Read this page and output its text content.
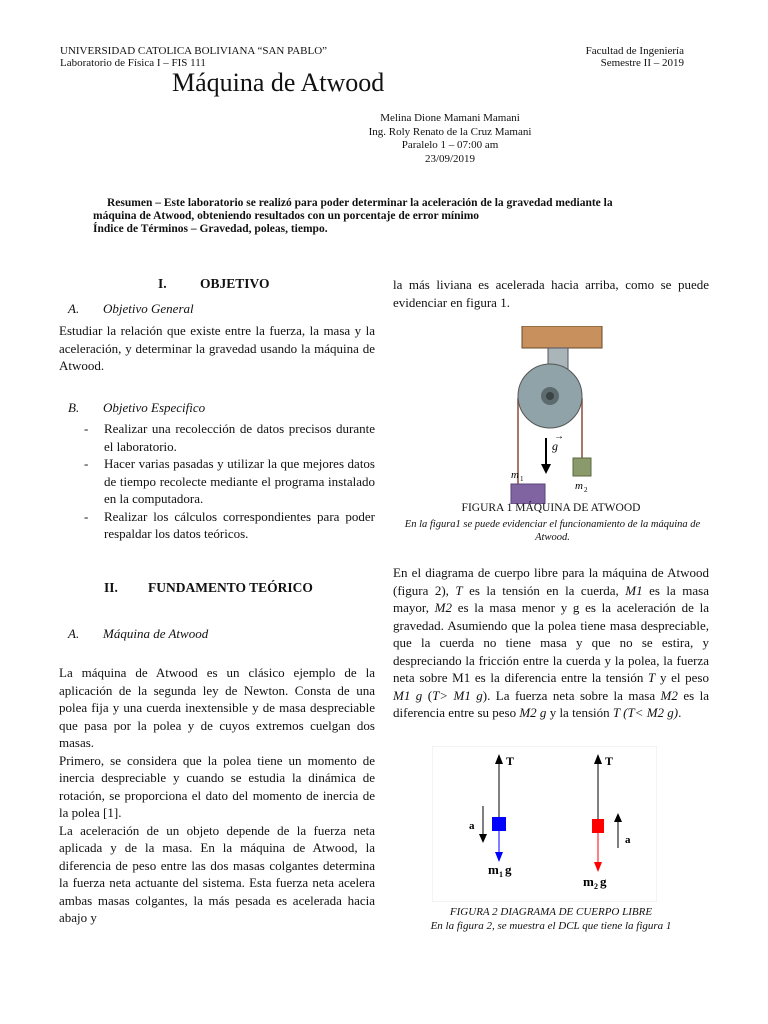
UNIVERSIDAD CATOLICA BOLIVIANA “SAN PABLO”
Laboratorio de Física I – FIS 111
Facultad de Ingeniería
Semestre II – 2019
Máquina de Atwood
Melina Dione Mamani Mamani
Ing. Roly Renato de la Cruz Mamani
Paralelo 1 – 07:00 am
23/09/2019
Resumen – Este laboratorio se realizó para poder determinar la aceleración de la gravedad mediante la
máquina de Atwood, obteniendo resultados con un porcentaje de error mínimo
Índice de Términos – Gravedad, poleas, tiempo.
I. OBJETIVO
A. Objetivo General
Estudiar la relación que existe entre la fuerza, la masa y la aceleración, y determinar la gravedad usando la máquina de Atwood.
B. Objetivo Especifico
- Realizar una recolección de datos precisos durante el laboratorio.
- Hacer varias pasadas y utilizar la que mejores datos de tiempo recolecte mediante el programa instalado en la computadora.
- Realizar los cálculos correspondientes para poder respaldar los datos teóricos.
II. FUNDAMENTO TEÓRICO
A. Máquina de Atwood
La máquina de Atwood es un clásico ejemplo de la aplicación de la segunda ley de Newton. Consta de una polea fija y una cuerda inextensible y de masa despreciable que pasa por la polea y de cuyos extremos cuelgan dos masas.
Primero, se considera que la polea tiene un momento de inercia despreciable y cuando se estudia la dinámica de rotación, se proporciona el dato del momento de inercia de la polea [1].
La aceleración de un objeto depende de la fuerza neta aplicada y de la masa. En la máquina de Atwood, la diferencia de peso entre las dos masas colgantes determina la fuerza neta actuante del sistema. Esta fuerza neta acelera ambas masas colgantes, la más pesada es acelerada hacia abajo y
la más liviana es acelerada hacia arriba, como se puede evidenciar en figura 1.
g
→
m 1
m 2
FIGURA 1 MÁQUINA DE ATWOOD
En la figura1 se puede evidenciar el funcionamiento de la máquina de Atwood.
En el diagrama de cuerpo libre para la máquina de Atwood (figura 2), T es la tensión en la cuerda, M1 es la masa mayor, M2 es la masa menor y g es la aceleración de la gravedad. Asumiendo que la polea tiene masa despreciable, que la cuerda no tiene masa y que no se estira, y despreciando la fricción entre la cuerda y la polea, la fuerza neta sobre M1 es la diferencia entre la tensión T y el peso M1 g (T> M1 g). La fuerza neta sobre la masa M2 es la diferencia entre su peso M2 g y la tensión T (T< M2 g).
T
a
m 1 g
T
a
m 2 g
FIGURA 2 DIAGRAMA DE CUERPO LIBRE
En la figura 2, se muestra el DCL que tiene la figura 1
